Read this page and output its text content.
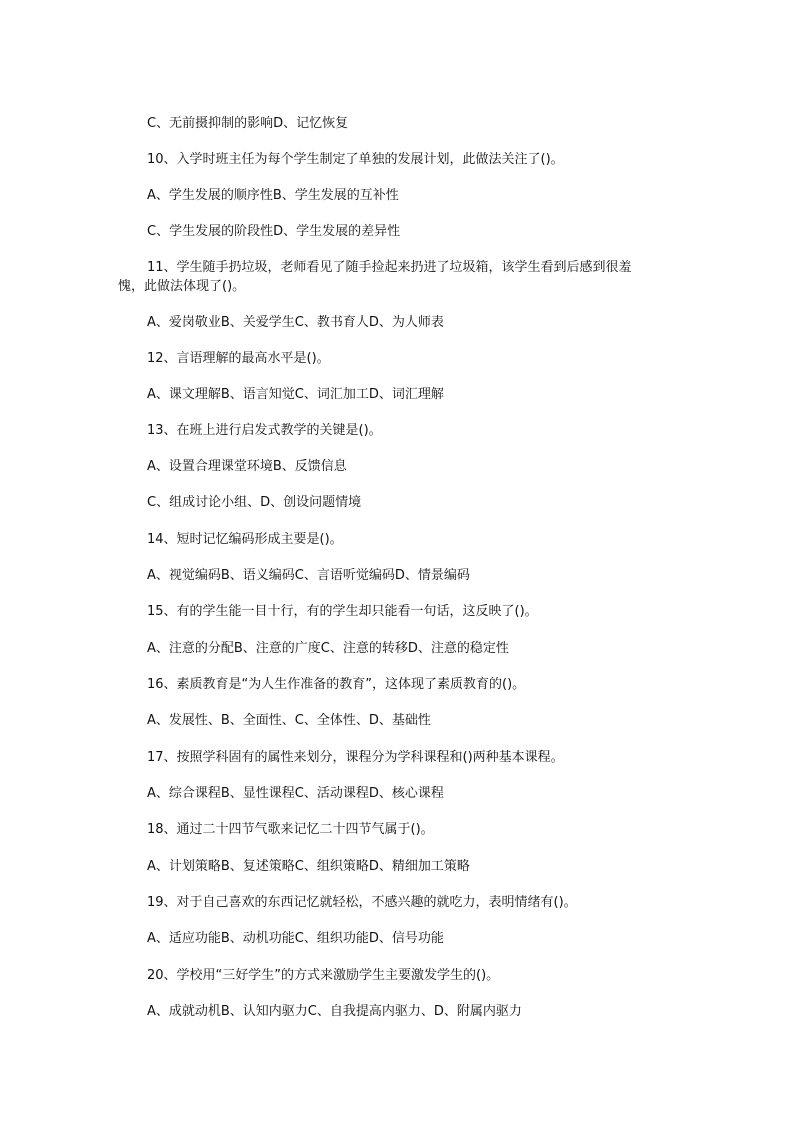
C、无前摄抑制的影响D、记忆恢复
10、入学时班主任为每个学生制定了单独的发展计划，此做法关注了()。
A、学生发展的顺序性B、学生发展的互补性
C、学生发展的阶段性D、学生发展的差异性
11、学生随手扔垃圾，老师看见了随手捡起来扔进了垃圾箱，该学生看到后感到很羞
愧，此做法体现了()。
A、爱岗敬业B、关爱学生C、教书育人D、为人师表
12、言语理解的最高水平是()。
A、课文理解B、语言知觉C、词汇加工D、词汇理解
13、在班上进行启发式教学的关键是()。
A、设置合理课堂环境B、反馈信息
C、组成讨论小组、D、创设问题情境
14、短时记忆编码形成主要是()。
A、视觉编码B、语义编码C、言语听觉编码D、情景编码
15、有的学生能一目十行，有的学生却只能看一句话，这反映了()。
A、注意的分配B、注意的广度C、注意的转移D、注意的稳定性
16、素质教育是“为人生作准备的教育”，这体现了素质教育的()。
A、发展性、B、全面性、C、全体性、D、基础性
17、按照学科固有的属性来划分，课程分为学科课程和()两种基本课程。
A、综合课程B、显性课程C、活动课程D、核心课程
18、通过二十四节气歌来记忆二十四节气属于()。
A、计划策略B、复述策略C、组织策略D、精细加工策略
19、对于自己喜欢的东西记忆就轻松，不感兴趣的就吃力，表明情绪有()。
A、适应功能B、动机功能C、组织功能D、信号功能
20、学校用“三好学生”的方式来激励学生主要激发学生的()。
A、成就动机B、认知内驱力C、自我提高内驱力、D、附属内驱力
